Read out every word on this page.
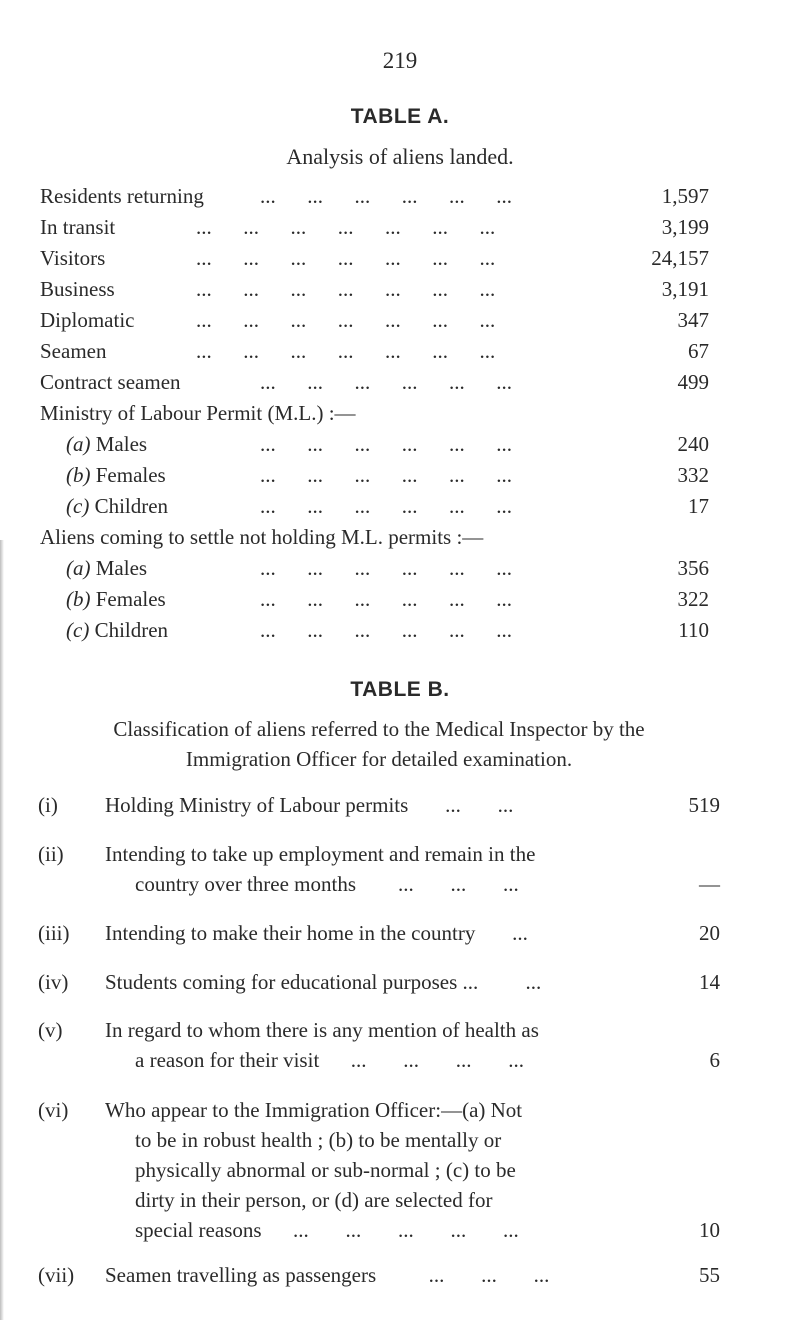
219
TABLE A.
Analysis of aliens landed.
Residents returning	...      ...      ...      ...      ...      ...	1,597
In transit	...      ...      ...      ...      ...      ...      ...	3,199
Visitors	...      ...      ...      ...      ...      ...      ...	24,157
Business	...      ...      ...      ...      ...      ...      ...	3,191
Diplomatic	...      ...      ...      ...      ...      ...      ...	347
Seamen	...      ...      ...      ...      ...      ...      ...	67
Contract seamen	...      ...      ...      ...      ...      ...	499
Ministry of Labour Permit (M.L.) :—
(a) Males	...      ...      ...      ...      ...      ...	240
(b) Females	...      ...      ...      ...      ...      ...	332
(c) Children	...      ...      ...      ...      ...      ...	17
Aliens coming to settle not holding M.L. permits :—
(a) Males	...      ...      ...      ...      ...      ...	356
(b) Females	...      ...      ...      ...      ...      ...	322
(c) Children	...      ...      ...      ...      ...      ...	110
TABLE B.
Classification of aliens referred to the Medical Inspector by the
Immigration Officer for detailed examination.
(i)	Holding Ministry of Labour permits ...       ...	519
(ii)	Intending to take up employment and remain in the
country over three months ...       ...       ...	—
(iii)	Intending to make their home in the country ...	20
(iv)	Students coming for educational purposes ... ...	14
(v)	In regard to whom there is any mention of health as
a reason for their visit ...       ...       ...       ...	6
(vi)	Who appear to the Immigration Officer:—(a) Not
to be in robust health ; (b) to be mentally or
physically abnormal or sub-normal ; (c) to be
dirty in their person, or (d) are selected for
special reasons ...       ...       ...       ...       ...	10
(vii)	Seamen travelling as passengers	...       ...       ...	55
